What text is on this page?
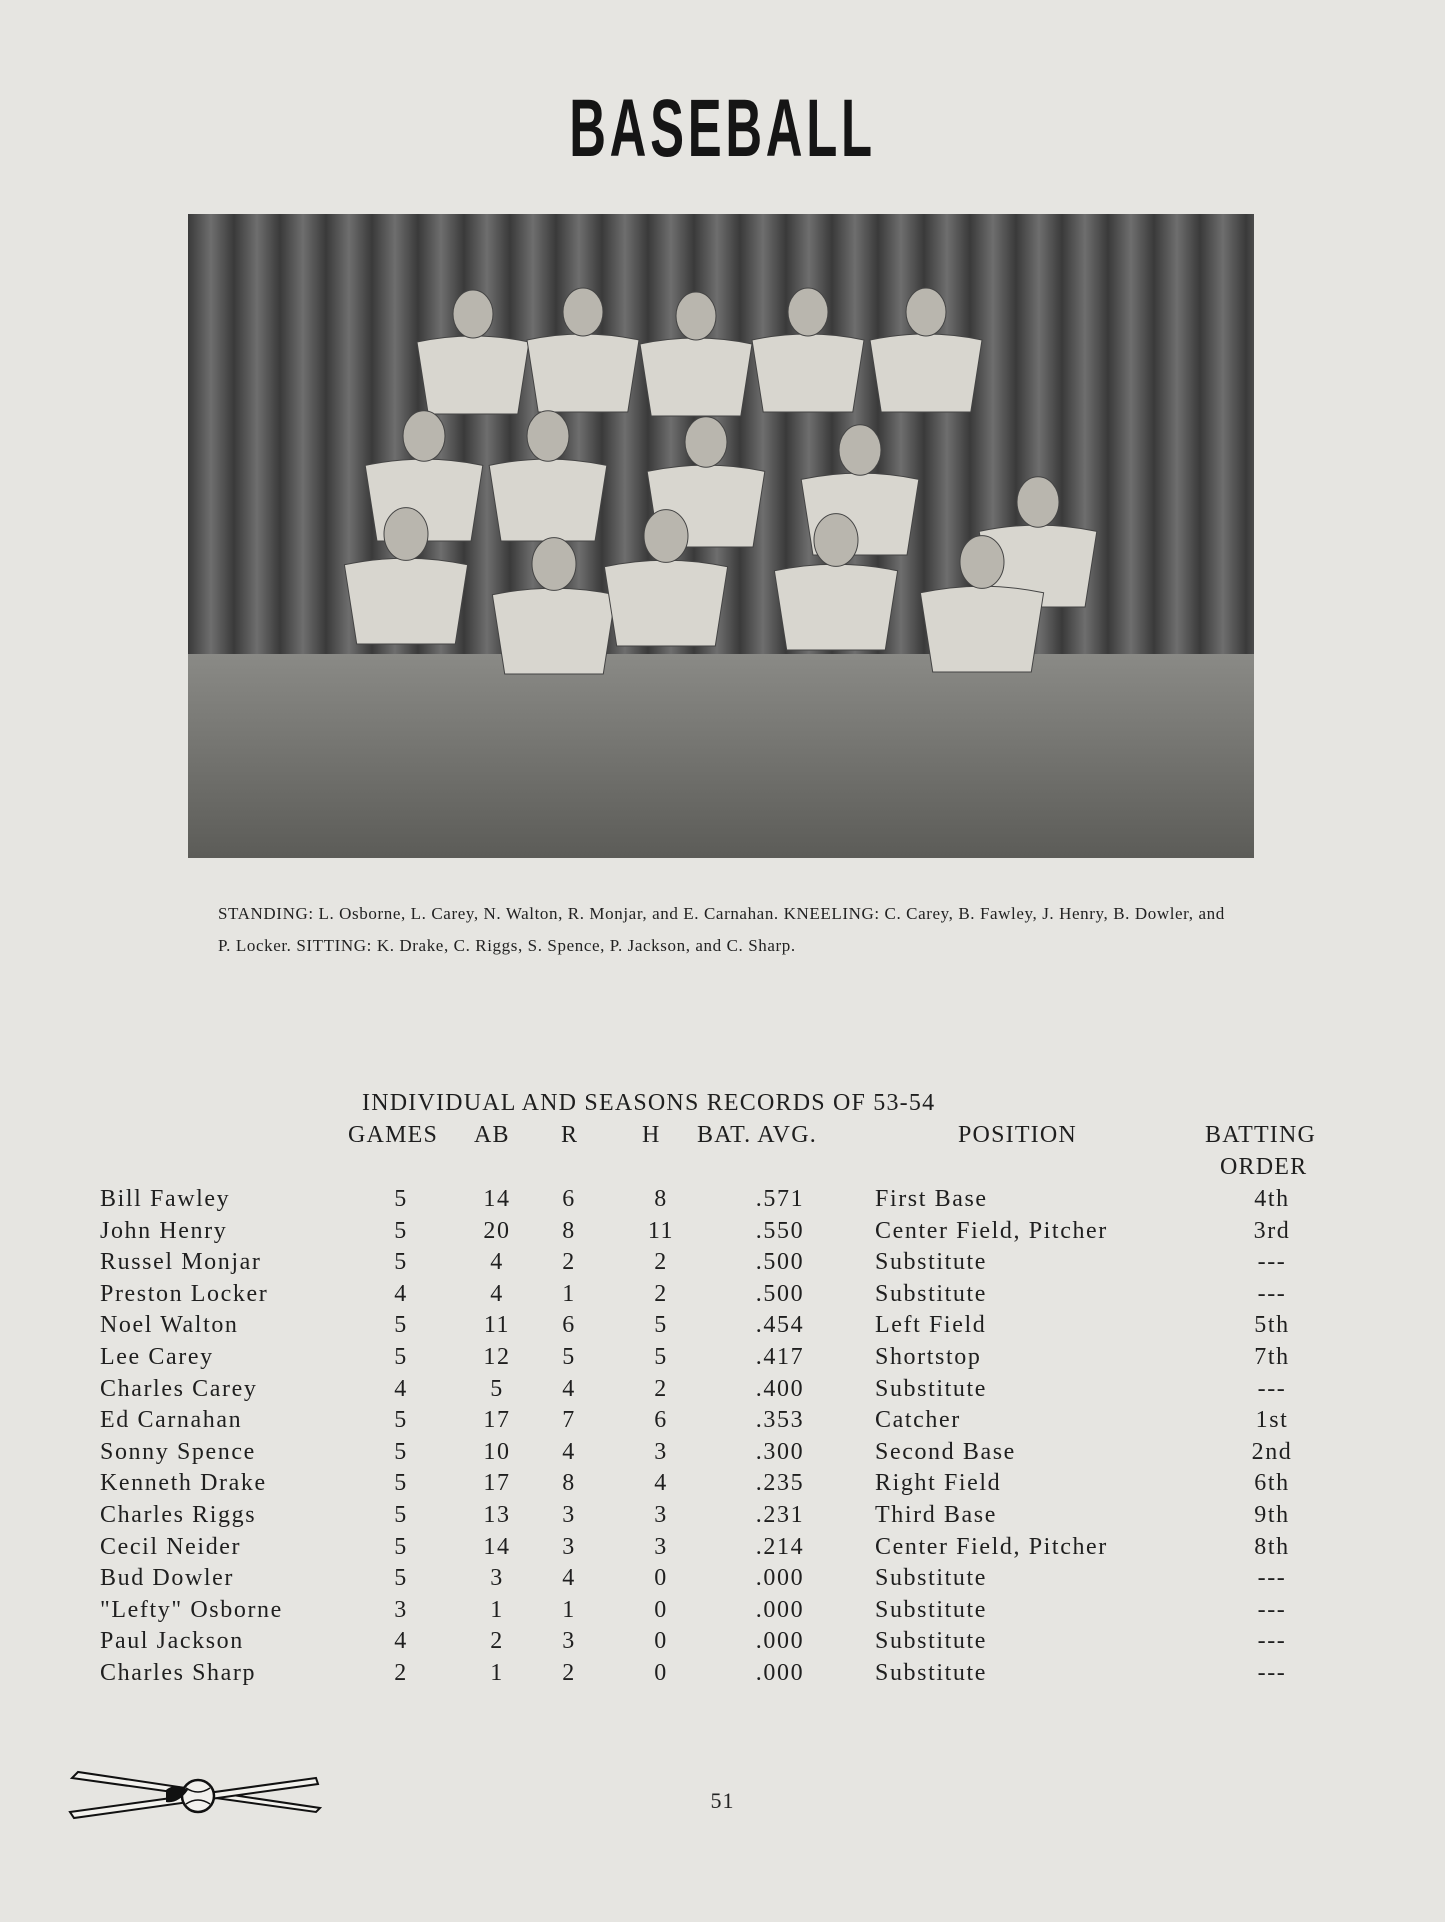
BASEBALL
STANDING: L. Osborne, L. Carey, N. Walton, R. Monjar, and E. Carnahan. KNEELING: C. Carey, B. Fawley, J. Henry, B. Dowler, and P. Locker. SITTING: K. Drake, C. Riggs, S. Spence, P. Jackson, and C. Sharp.
INDIVIDUAL AND SEASONS RECORDS OF 53-54
GAMES AB R	H BAT. AVG.	POSITION	BATTING
ORDER
Bill Fawley	5	14 6	8	.571	First Base	4th
John Henry	5	20 8	11	.550	Center Field, Pitcher	3rd
Russel Monjar	5	4	2	2	.500	Substitute	---
Preston Locker	4	4	1	2	.500	Substitute	---
Noel Walton	5	11 6	5	.454	Left Field	5th
Lee Carey	5	12 5	5	.417	Shortstop	7th
Charles Carey	4	5	4	2	.400	Substitute	---
Ed Carnahan	5	17 7	6	.353	Catcher	1st
Sonny Spence	5	10 4	3	.300	Second Base	2nd
Kenneth Drake	5	17 8	4	.235	Right Field	6th
Charles Riggs	5	13 3	3	.231	Third Base	9th
Cecil Neider	5	14 3	3	.214	Center Field, Pitcher	8th
Bud Dowler	5	3	4	0	.000	Substitute	---
"Lefty" Osborne	3	1	1	0	.000	Substitute	---
Paul Jackson	4	2	3	0	.000	Substitute	---
Charles Sharp	2	1	2	0	.000	Substitute	---
51
